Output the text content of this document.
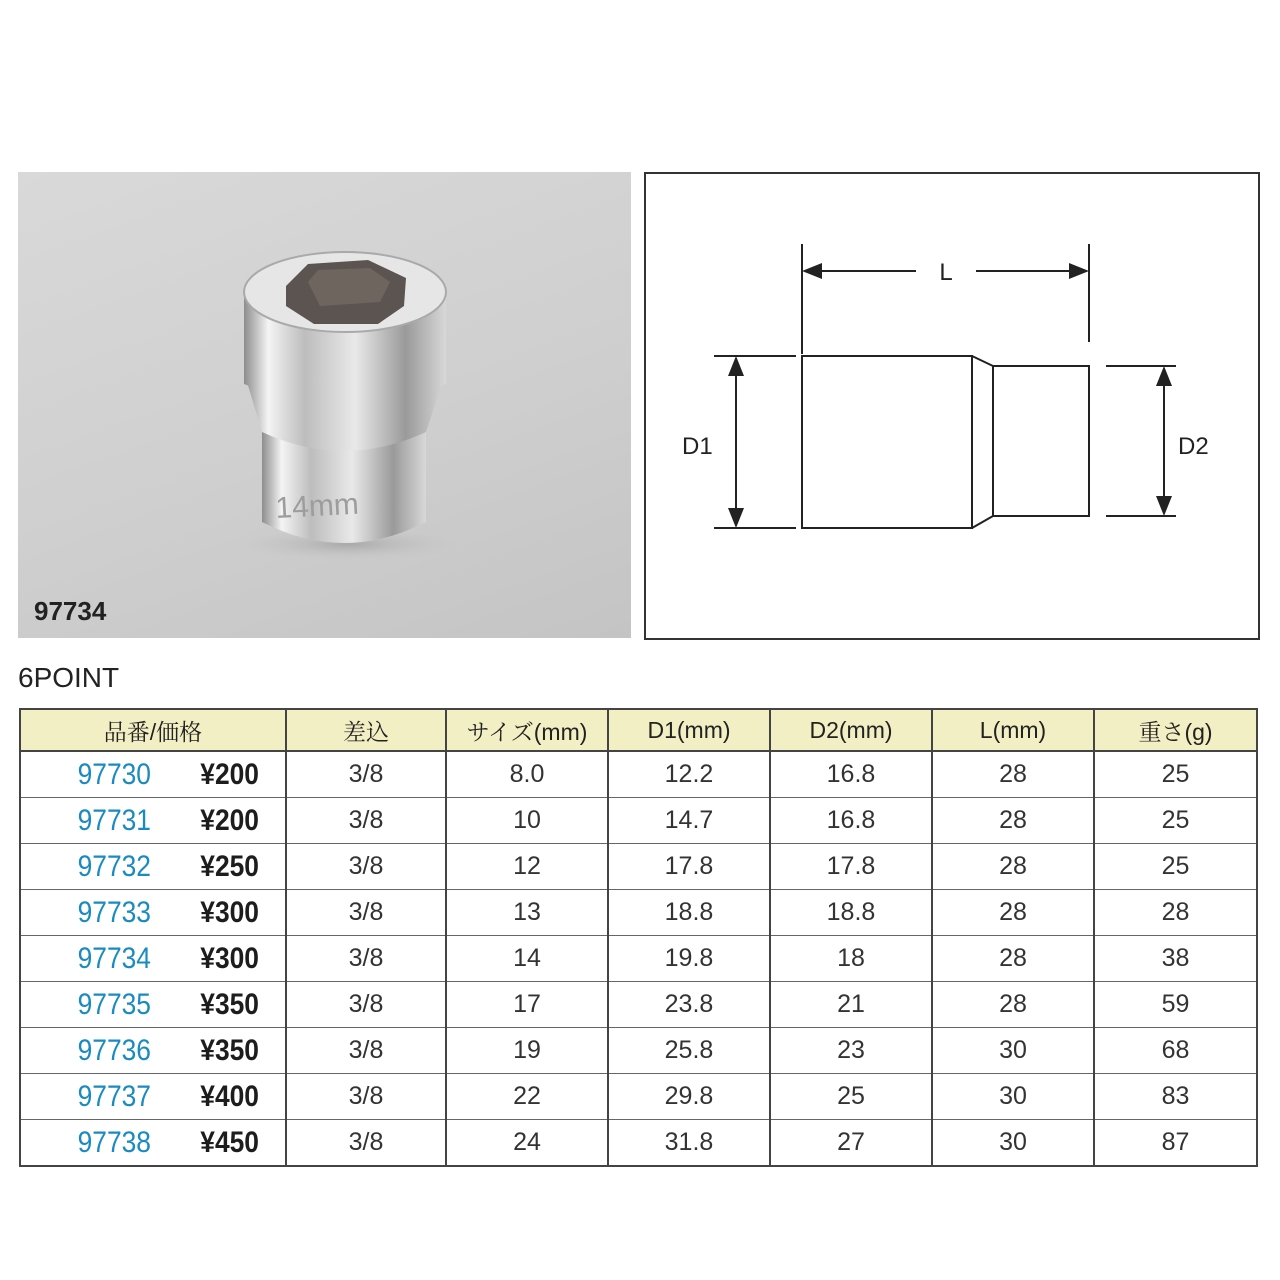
14mm
97734
L
D1	D2
6POINT
品番/価格	差込	サイズ(mm)	D1(mm)	D2(mm)	L(mm)	重さ(g)
97730 ¥200	3/8	8.0	12.2	16.8	28	25
97731 ¥200	3/8	10	14.7	16.8	28	25
97732 ¥250	3/8	12	17.8	17.8	28	25
97733 ¥300	3/8	13	18.8	18.8	28	28
97734 ¥300	3/8	14	19.8	18	28	38
97735 ¥350	3/8	17	23.8	21	28	59
97736 ¥350	3/8	19	25.8	23	30	68
97737 ¥400	3/8	22	29.8	25	30	83
97738 ¥450	3/8	24	31.8	27	30	87
